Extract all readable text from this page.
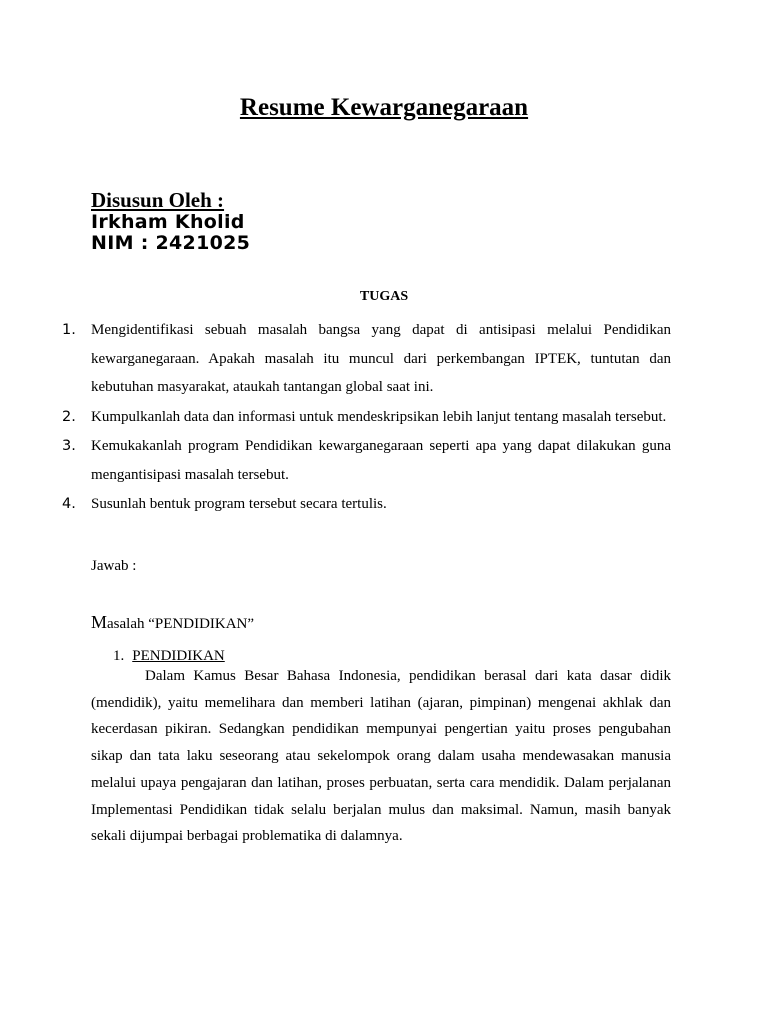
Resume Kewarganegaraan
Disusun Oleh :
Irkham Kholid
NIM : 2421025
TUGAS
1. Mengidentifikasi sebuah masalah bangsa yang dapat di antisipasi melalui Pendidikan kewarganegaraan. Apakah masalah itu muncul dari perkembangan IPTEK, tuntutan dan kebutuhan masyarakat, ataukah tantangan global saat ini.
2. Kumpulkanlah data dan informasi untuk mendeskripsikan lebih lanjut tentang masalah tersebut.
3. Kemukakanlah program Pendidikan kewarganegaraan seperti apa yang dapat dilakukan guna mengantisipasi masalah tersebut.
4. Susunlah bentuk program tersebut secara tertulis.
Jawab :
Masalah “PENDIDIKAN”
1. PENDIDIKAN

Dalam Kamus Besar Bahasa Indonesia, pendidikan berasal dari kata dasar didik (mendidik), yaitu memelihara dan memberi latihan (ajaran, pimpinan) mengenai akhlak dan kecerdasan pikiran. Sedangkan pendidikan mempunyai pengertian yaitu proses pengubahan sikap dan tata laku seseorang atau sekelompok orang dalam usaha mendewasakan manusia melalui upaya pengajaran dan latihan, proses perbuatan, serta cara mendidik. Dalam perjalanan Implementasi Pendidikan tidak selalu berjalan mulus dan maksimal. Namun, masih banyak sekali dijumpai berbagai problematika di dalamnya.
